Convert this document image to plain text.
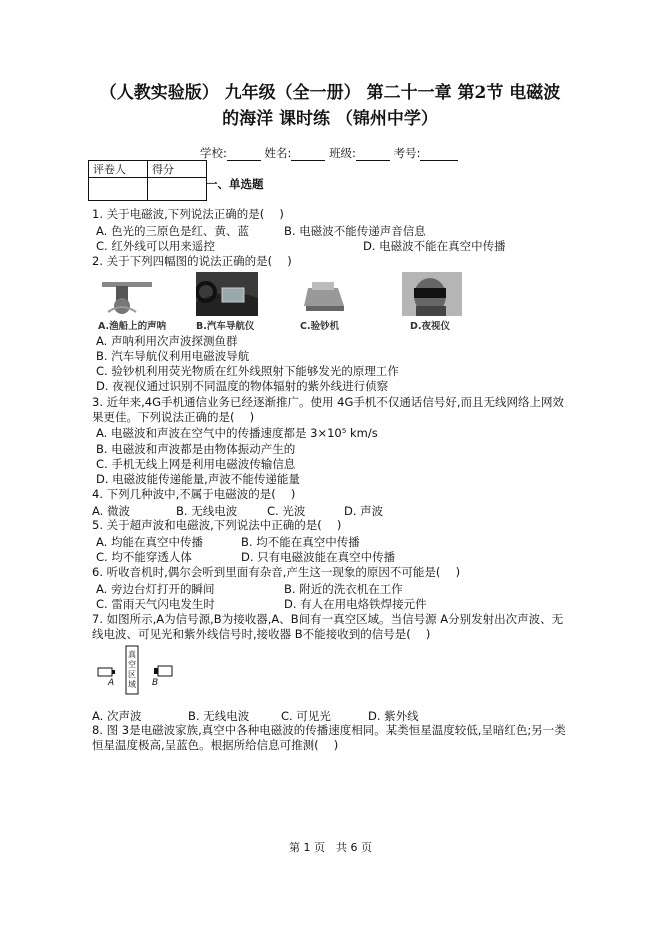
（人教实验版） 九年级（全一册） 第二十一章 第2节 电磁波
的海洋 课时练 （锦州中学）
学校:	姓名:	班级:	考号:
评卷人	得分

一、单选题
1. 关于电磁波,下列说法正确的是(　 )
A. 色光的三原色是红、黄、蓝	B. 电磁波不能传递声音信息
C. 红外线可以用来遥控	D. 电磁波不能在真空中传播
2. 关于下列四幅图的说法正确的是(　 )
A.渔船上的声呐	B.汽车导航仪	C.验钞机	D.夜视仪
A. 声呐利用次声波探测鱼群
B. 汽车导航仪利用电磁波导航
C. 验钞机利用荧光物质在红外线照射下能够发光的原理工作
D. 夜视仪通过识别不同温度的物体辐射的紫外线进行侦察
3. 近年来,4G手机通信业务已经逐渐推广。使用 4G手机不仅通话信号好,而且无线网络上网效
果更佳。下列说法正确的是(　 )
A. 电磁波和声波在空气中的传播速度都是 3×10⁵ km/s
B. 电磁波和声波都是由物体振动产生的
C. 手机无线上网是利用电磁波传输信息
D. 电磁波能传递能量,声波不能传递能量
4. 下列几种波中,不属于电磁波的是(　 )
A. 微波	B. 无线电波	C. 光波	D. 声波
5. 关于超声波和电磁波,下列说法中正确的是(　 )
A. 均能在真空中传播	B. 均不能在真空中传播
C. 均不能穿透人体	D. 只有电磁波能在真空中传播
6. 听收音机时,偶尔会听到里面有杂音,产生这一现象的原因不可能是(　 )
A. 旁边台灯打开的瞬间	B. 附近的洗衣机在工作
C. 雷雨天气闪电发生时	D. 有人在用电烙铁焊接元件
7. 如图所示,A为信号源,B为接收器,A、B间有一真空区域。当信号源 A分别发射出次声波、无
线电波、可见光和紫外线信号时,接收器 B不能接收到的信号是(　 )
A	B
真空区域
A. 次声波	B. 无线电波	C. 可见光	D. 紫外线
8. 图 3是电磁波家族,真空中各种电磁波的传播速度相同。某类恒星温度较低,呈暗红色;另一类
恒星温度极高,呈蓝色。根据所给信息可推测(　 )
第 1 页　共 6 页
